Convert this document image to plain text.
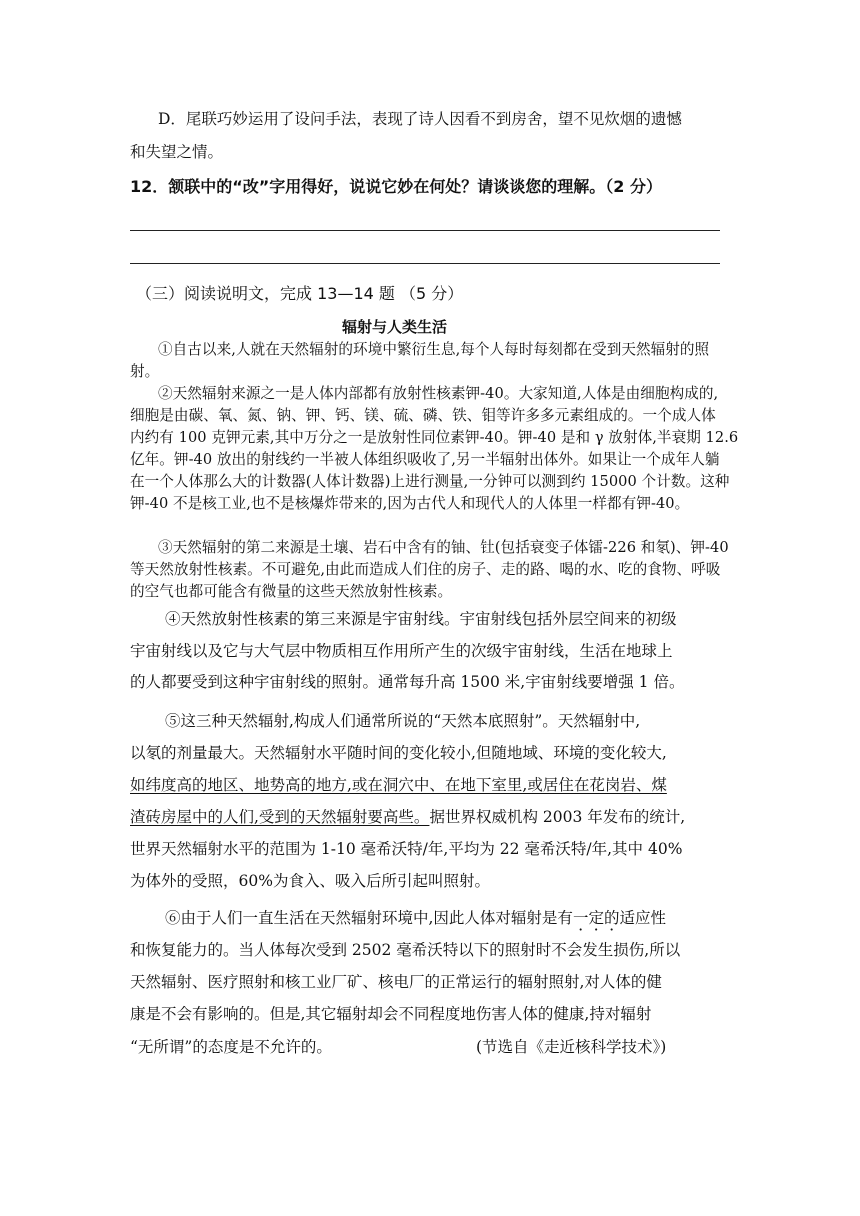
D．尾联巧妙运用了设问手法，表现了诗人因看不到房舍，望不见炊烟的遗憾
和失望之情。
12．颔联中的“改”字用得好，说说它妙在何处？请谈谈您的理解。（2 分）
（三）阅读说明文，完成 13—14 题 （5 分）
辐射与人类生活
①自古以来,人就在天然辐射的环境中繁衍生息,每个人每时每刻都在受到天然辐射的照
射。
②天然辐射来源之一是人体内部都有放射性核素钾-40。大家知道,人体是由细胞构成的,
细胞是由碳、氧、氮、钠、钾、钙、镁、硫、磷、铁、钼等许多多元素组成的。一个成人体
内约有 100 克钾元素,其中万分之一是放射性同位素钾-40。钾-40 是和 γ 放射体,半衰期 12.6
亿年。钾-40 放出的射线约一半被人体组织吸收了,另一半辐射出体外。如果让一个成年人躺
在一个人体那么大的计数器(人体计数器)上进行测量,一分钟可以测到约 15000 个计数。这种
钾-40 不是核工业,也不是核爆炸带来的,因为古代人和现代人的人体里一样都有钾-40。
③天然辐射的第二来源是土壤、岩石中含有的铀、钍(包括衰变子体镭-226 和氡)、钾-40
等天然放射性核素。不可避免,由此而造成人们住的房子、走的路、喝的水、吃的食物、呼吸
的空气也都可能含有微量的这些天然放射性核素。
④天然放射性核素的第三来源是宇宙射线。宇宙射线包括外层空间来的初级
宇宙射线以及它与大气层中物质相互作用所产生的次级宇宙射线，生活在地球上
的人都要受到这种宇宙射线的照射。通常每升高 1500 米,宇宙射线要增强 1 倍。
⑤这三种天然辐射,构成人们通常所说的“天然本底照射”。天然辐射中,
以氡的剂量最大。天然辐射水平随时间的变化较小,但随地域、环境的变化较大,
如纬度高的地区、地势高的地方,或在洞穴中、在地下室里,或居住在花岗岩、煤
渣砖房屋中的人们,受到的天然辐射要高些。据世界权威机构 2003 年发布的统计,
世界天然辐射水平的范围为 1-10 毫希沃特/年,平均为 22 毫希沃特/年,其中 40%
为体外的受照，60%为食入、吸入后所引起叫照射。
⑥由于人们一直生活在天然辐射环境中,因此人体对辐射是有一定的适应性
和恢复能力的。当人体每次受到 2502 毫希沃特以下的照射时不会发生损伤,所以
天然辐射、医疗照射和核工业厂矿、核电厂的正常运行的辐射照射,对人体的健
康是不会有影响的。但是,其它辐射却会不同程度地伤害人体的健康,持对辐射
“无所谓”的态度是不允许的。	(节选自《走近核科学技术》)
